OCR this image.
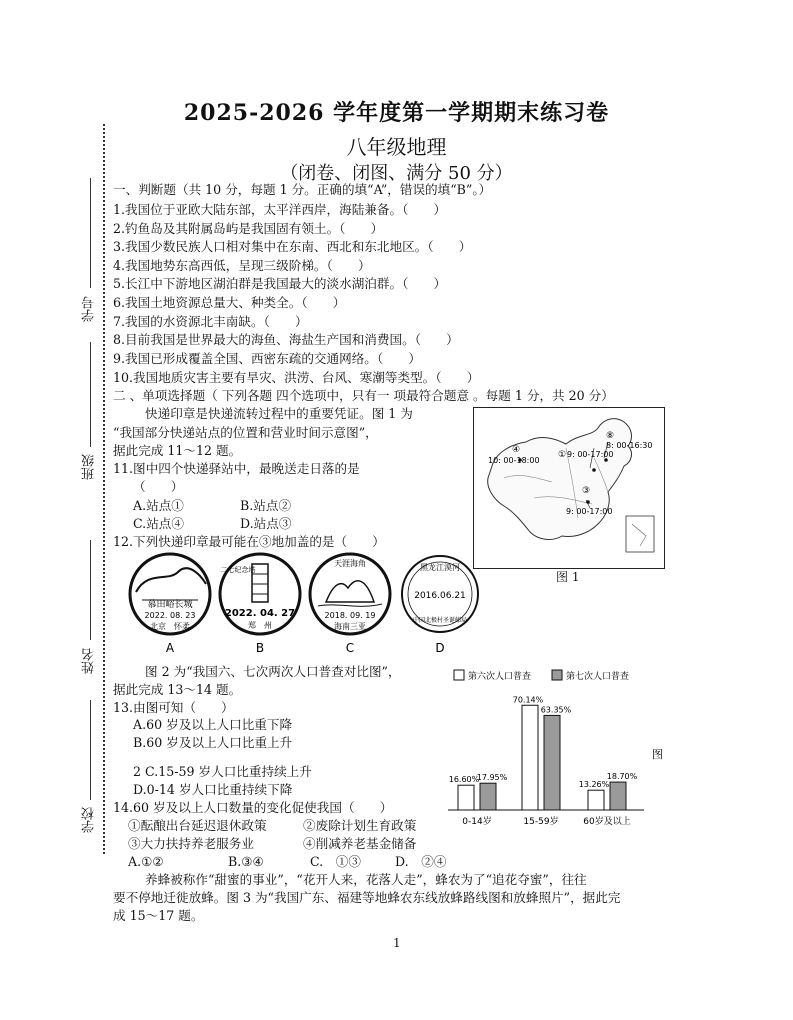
2025-2026 学年度第一学期期末练习卷
八年级地理
（闭卷、闭图、满分 50 分）
学号
班级
姓名
学校
一、判断题（共 10 分，每题 1 分。正确的填“A”，错误的填“B”。）
1.我国位于亚欧大陆东部，太平洋西岸，海陆兼备。（　　）
2.钓鱼岛及其附属岛屿是我国固有领土。（　　）
3.我国少数民族人口相对集中在东南、西北和东北地区。（　　）
4.我国地势东高西低，呈现三级阶梯。（　　）
5.长江中下游地区湖泊群是我国最大的淡水湖泊群。（　　）
6.我国土地资源总量大、种类全。（　　）
7.我国的水资源北丰南缺。（　　）
8.目前我国是世界最大的海鱼、海盐生产国和消费国。（　　）
9.我国已形成覆盖全国、西密东疏的交通网络。（　　）
10.我国地质灾害主要有旱灾、洪涝、台风、寒潮等类型。（　　）
二 、单项选择题（ 下列各题 四个选项中，只有一 项最符合题意 。每题 1 分，共 20 分）
快递印章是快递流转过程中的重要凭证。图 1 为
“我国部分快递站点的位置和营业时间示意图”，
据此完成 11～12 题。
11.图中四个快递驿站中，最晚送走日落的是
（　　）
A.站点①	B.站点②
C.站点④	D.站点③
12.下列快递印章最可能在③地加盖的是（　　）
④
10: 00-18:00
9: 00-17:00
①
⑧
8: 00-16:30
③
9: 00-17:00
图 1
慕田峪长城
2022. 08. 23
北京　怀柔
A
二七纪念塔
2022. 04. 27
郑　州
B
天涯海角
2018. 09. 19
海南三亚
C
黑龙江漠河
2016.06.21
中国北极村圣诞邮局
D
图 2 为“我国六、七次两次人口普查对比图”，
据此完成 13～14 题。
13.由图可知（　　）
A.60 岁及以上人口比重下降
B.60 岁及以上人口比重上升
2 C.15-59 岁人口比重持续上升
D.0-14 岁人口比重持续下降
14.60 岁及以上人口数量的变化促使我国（　　）
①酝酿出台延迟退休政策	②废除计划生育政策
③大力扶持养老服务业	④削减养老基金储备
A.①②	B.③④	C.　①③	D.　②④
养蜂被称作“甜蜜的事业”，“花开人来，花落人走”，蜂农为了“追花夺蜜”，往往
要不停地迁徙放蜂。图 3 为“我国广东、福建等地蜂农东线放蜂路线图和放蜂照片”，据此完
成 15～17 题。
第六次人口普查	第七次人口普查
16.60%
17.95%
70.14%
63.35%
13.26%
18.70%
0-14岁	15-59岁	60岁及以上
图
1
